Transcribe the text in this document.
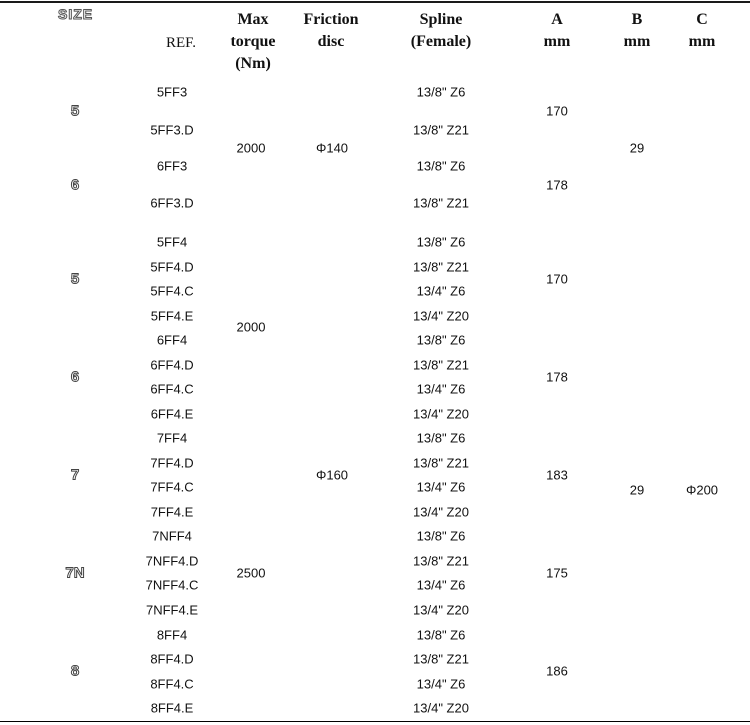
SIZE
REF.
Max
torque
(Nm)
Friction
disc
Spline
(Female)
A
mm
B
mm
C
mm
5FF3
5FF3.D
6FF3
6FF3.D
5FF4
5FF4.D
5FF4.C
5FF4.E
6FF4
6FF4.D
6FF4.C
6FF4.E
7FF4
7FF4.D
7FF4.C
7FF4.E
7NFF4
7NFF4.D
7NFF4.C
7NFF4.E
8FF4
8FF4.D
8FF4.C
8FF4.E
13/8" Z6
13/8" Z21
13/8" Z6
13/8" Z21
13/8" Z6
13/8" Z21
13/4" Z6
13/4" Z20
13/8" Z6
13/8" Z21
13/4" Z6
13/4" Z20
13/8" Z6
13/8" Z21
13/4" Z6
13/4" Z20
13/8" Z6
13/8" Z21
13/4" Z6
13/4" Z20
13/8" Z6
13/8" Z21
13/4" Z6
13/4" Z20
5
6
5
6
7
7N
8
2000
2000
2500
Φ140
Φ160
170
178
170
178
183
175
186
29
29	Φ200
